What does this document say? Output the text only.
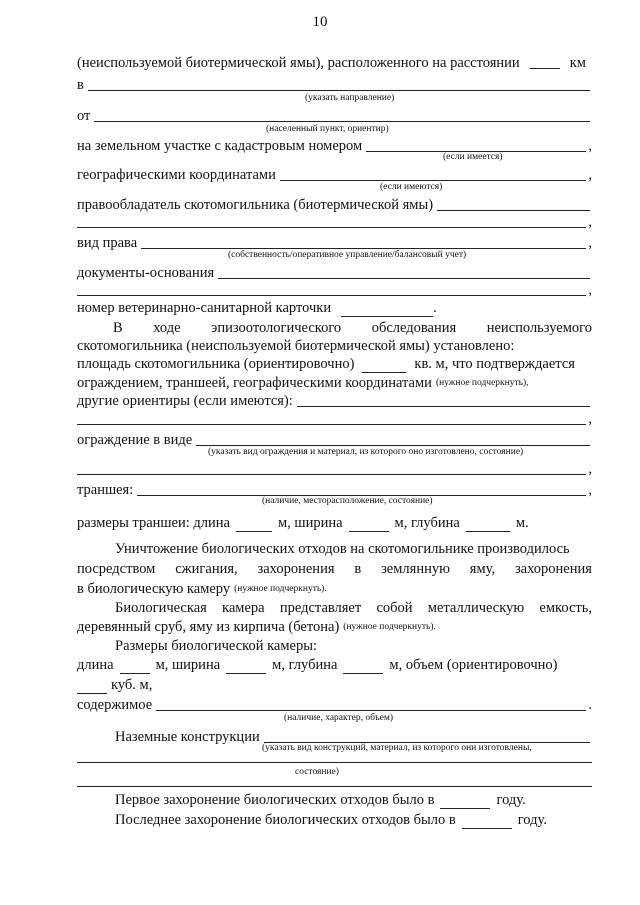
10
(неиспользуемой биотермической ямы), расположенного на расстоянии	км
в
(указать направление)
от
(населенный пункт, ориентир)
на земельном участке с кадастровым номером	,
(если имеется)
географическими координатами	,
(если имеются)
правообладатель скотомогильника (биотермической ямы)
,
вид права	,
(собственность/оперативное управление/балансовый учет)
документы-основания
,
номер ветеринарно-санитарной карточки	.
В ходе эпизоотологического обследования неиспользуемого
скотомогильника (неиспользуемой биотермической ямы) установлено:
площадь скотомогильника (ориентировочно)	кв. м, что подтверждается
ограждением, траншеей, географическими координатами (нужное подчеркнуть),
другие ориентиры (если имеются):
,
ограждение в виде
(указать вид ограждения и материал, из которого оно изготовлено, состояние)
,
траншея:	,
(наличие, месторасположение, состояние)
размеры траншеи: длина	м, ширина	м, глубина	м.
Уничтожение биологических отходов на скотомогильнике производилось
посредством сжигания, захоронения в землянную яму, захоронения
в биологическую камеру (нужное подчеркнуть).
Биологическая камера представляет собой металлическую емкость,
деревянный сруб, яму из кирпича (бетона) (нужное подчеркнуть).
Размеры биологической камеры:
длина	м, ширина	м, глубина	м, объем (ориентировочно)
куб. м,
содержимое	.
(наличие, характер, объем)
Наземные конструкции
(указать вид конструкций, материал, из которого они изготовлены,
состояние)
Первое захоронение биологических отходов было в	году.
Последнее захоронение биологических отходов было в	году.
